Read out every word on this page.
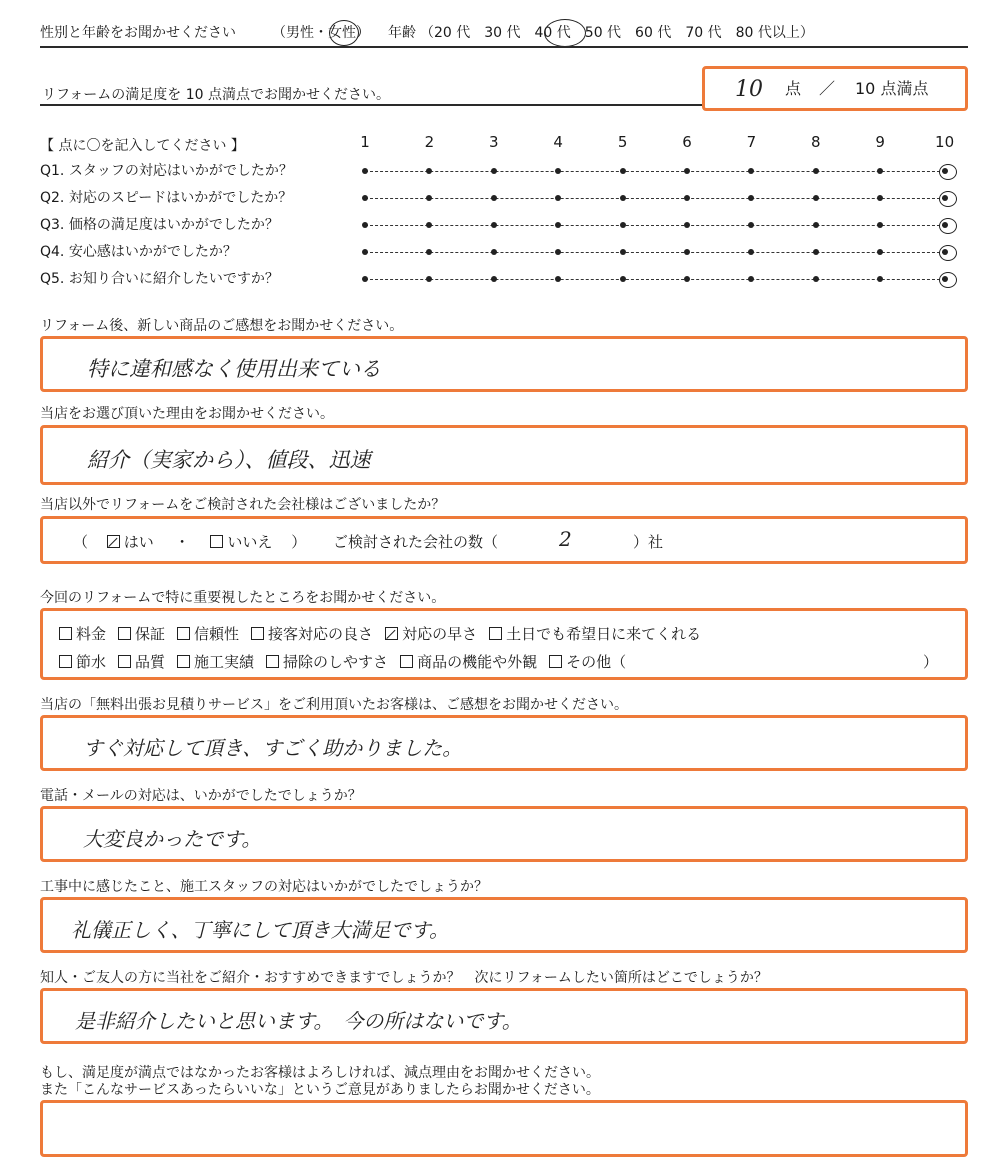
性別と年齢をお聞かせください	（男性・女性） 年齢 （20 代　30 代　40 代　50 代　60 代　70 代　80 代以上）
リフォームの満足度を 10 点満点でお聞かせください。	10 点 ／ 10 点満点
【 点に〇を記入してください 】	1	2	3	4	5	6	7	8	9	10
Q1. スタッフの対応はいかがでしたか？
Q2. 対応のスピードはいかがでしたか？
Q3. 価格の満足度はいかがでしたか？
Q4. 安心感はいかがでしたか？
Q5. お知り合いに紹介したいですか？
リフォーム後、新しい商品のご感想をお聞かせください。
特に違和感なく使用出来ている
当店をお選び頂いた理由をお聞かせください。
紹介（実家から）、値段、迅速
当店以外でリフォームをご検討された会社様はございましたか？
（ はい ・	いいえ ） ご検討された会社の数（	2	）社
今回のリフォームで特に重要視したところをお聞かせください。
料金 保証 信頼性 接客対応の良さ 対応の早さ 土日でも希望日に来てくれる
節水 品質 施工実績 掃除のしやすさ 商品の機能や外観 その他（	）
当店の「無料出張お見積りサービス」をご利用頂いたお客様は、ご感想をお聞かせください。
すぐ対応して頂き、すごく助かりました。
電話・メールの対応は、いかがでしたでしょうか？
大変良かったです。
工事中に感じたこと、施工スタッフの対応はいかがでしたでしょうか？
礼儀正しく、丁寧にして頂き大満足です。
知人・ご友人の方に当社をご紹介・おすすめできますでしょうか？　次にリフォームしたい箇所はどこでしょうか？
是非紹介したいと思います。　今の所はないです。
もし、満足度が満点ではなかったお客様はよろしければ、減点理由をお聞かせください。
また「こんなサービスあったらいいな」というご意見がありましたらお聞かせください。
